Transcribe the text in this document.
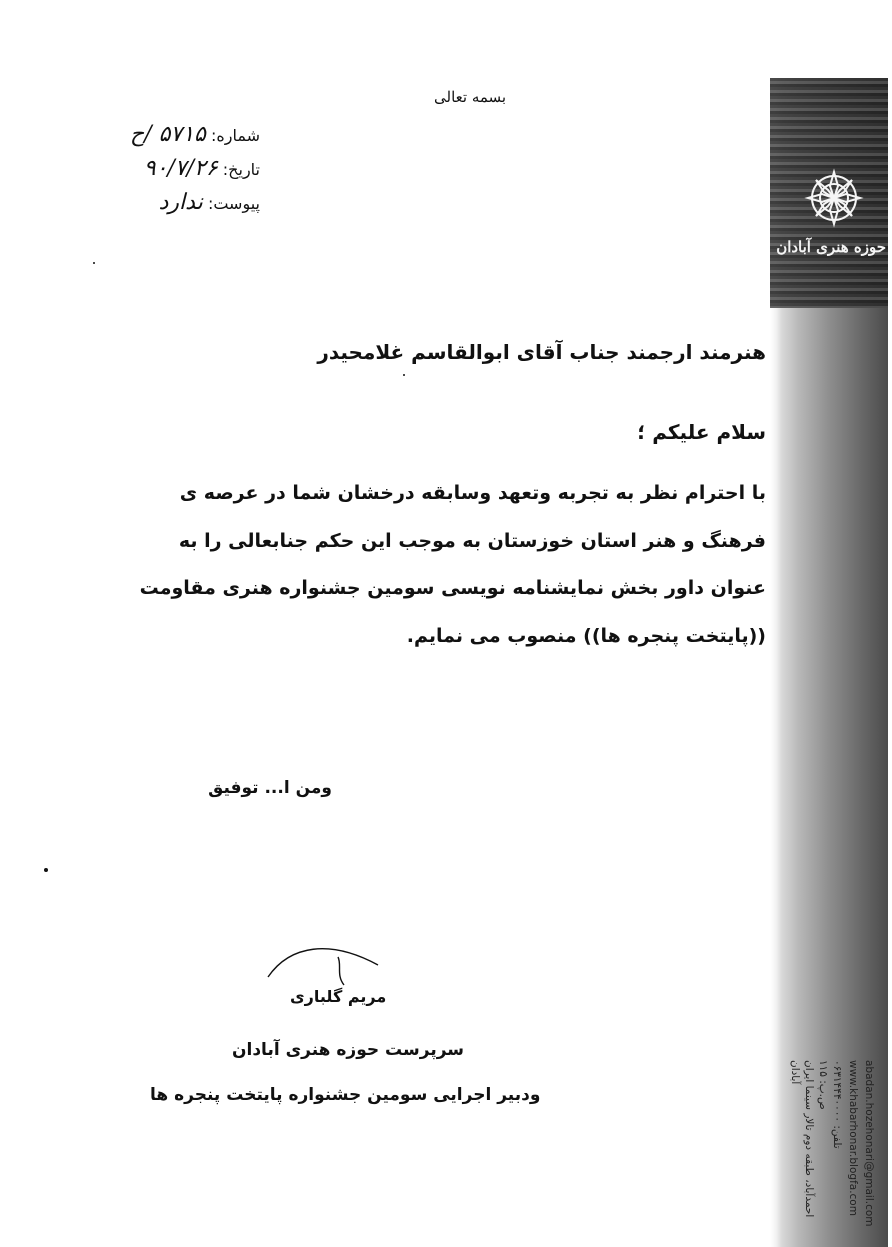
حوزه هنری آبادان
آبادان احمدآباد، طبقه دوم تالار سینما ایران ص.پ: ۱۱۵ تلفن: ۰۶۳۱۴۴۴۰۰۰۰ www.khabarhonar.blogfa.com abadan.hozehonari@gmail.com
بسمه تعالی
شماره: ۵۷۱۵ /ح
تاریخ: ۹۰/۷/۲۶
پیوست: ندارد
هنرمند ارجمند جناب آقای ابوالقاسم غلامحیدر
سلام علیکم ؛
با احترام نظر به تجربه وتعهد وسابقه درخشان شما در عرصه ی
فرهنگ و هنر استان خوزستان به موجب این حکم جنابعالی را به
عنوان داور بخش نمایشنامه نویسی سومین جشنواره هنری مقاومت
((پایتخت پنجره ها)) منصوب می نمایم.
ومن ا... توفیق
مریم گلباری
سرپرست حوزه هنری آبادان
ودبیر اجرایی سومین جشنواره پایتخت پنجره ها
